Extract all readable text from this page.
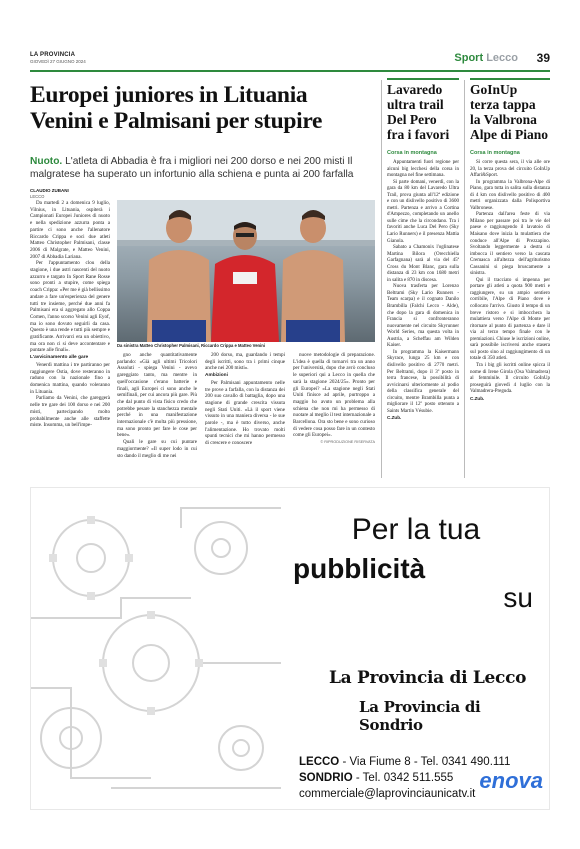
LA PROVINCIA
GIOVEDÌ 27 GIUGNO 2024	Sport Lecco 39
Europei juniores in Lituania
Venini e Palmisani per stupire
Nuoto. L'atleta di Abbadia è fra i migliori nei 200 dorso e nei 200 misti Il malgratese ha superato un infortunio alla schiena e punta ai 200 farfalla
CLAUDIO ZUBANI
LECCO

Da martedì 2 a domenica 9 luglio, Vilnius, in Lituania, ospiterà i Campionati Europei Juniores di nuoto e nella spedizione azzurra ponta a partire ci sono anche l'allenatore Riccardo Crippa e soci due atleti Matteo Christopher Palmisani, classe 2006 di Malgrate, e Matteo Venini, 2007 di Abbadia Lariana.

Per l'appuntamento clou della stagione, i due astri nascenti del nuoto azzurro e targato In Sport Rane Rosse sono pronti a stupire, come spiega coach Crippa: «Per me è già bellissimo andare a fare un'esperienza del genere tutti tre insieme, perché due anni fa Palmisani era sì aggregato allo Coppa Comen, l'anno scorso Venini agli Eyof, ma io sono dovuto seguirli da casa. Questo è una rende e tutti più sempre e gratificante. Arrivarci era un obiettivo, ma ora non ci si deve accontentare e puntare alle finali».

L'avvicinamento alle gare

Venerdì mattina i tre partiranno per raggiungere Ostia, dove resteranno in raduno con la nazionale fino a domenica mattina, quando voleranno in Lituania.

Parliamo da Venini, che gareggerà nelle tre gare dei 100 dorso e nei 200 misti, partecipando molto probabilmente anche alle staffette miste. Insomma, un bell'impe-

Da sinistra Matteo Christopher Palmisani, Riccardo Crippa e Matteo Venini

gno anche quantitativamente parlando: «Già agli ultimi Tricolori Assoluti - spiega Venini - avevo gareggiato tanto, ma mentre in quell'occasione c'erano batterie e finali, agli Europei ci sono anche le semifinali, per cui ancora più gare. Più che dal punto di vista fisico credo che potrebbe pesare la stanchezza mentale perché in una manifestazione internazionale c'è molta più pressione, ma sono pronto per fare le cose per bene».

Quali le gare su cui puntare maggiormente? «Il super lodo in cui sto dando il meglio di me nei

200 dorso, ma, guardando i tempi degli iscritti, sono tra i primi cinque anche nei 200 misti».

Ambizioni

Per Palmisani appuntamento nelle tre prove a farfalla, con la distanza dei 200 suo cavallo di battaglia, dopo una stagione di grande crescita vissuta negli Stati Uniti. «Là il sport viene vissuto in una maniera diversa - le sue parole -, ma è tutto diverso, anche l'alimentazione. Ho trovato molti spunti tecnici che mi hanno permesso di crescere e conoscere

nuove metodologie di preparazione. L'idea è quella di tornarvi tra un anno per l'università, dopo che avrò concluso le superiori qui a Lecco in quella che sarà la stagione 2024/25». Pronto per gli Europei? «La stagione negli Stati Uniti finisce ad aprile, purtroppo a maggio ho avuto un problema alla schiena che non mi ha permesso di nuotare al meglio il test internazionale a Barcellona. Ora sto bene e sono curioso di vedere cosa posso fare in un contesto come gli Europei».

© RIPRODUZIONE RISERVATA

Lavaredo
ultra trail
Del Pero
fra i favori
Corsa in montagna

Appuntamenti fuori regione per alcuni big lecchesi della corsa in montagna nel fine settimana.

Si parte domani, venerdì, con la gara da 80 km del Lavaredo Ultra Trail, prova giunta all'12ª edizione e con un dislivello positivo di 3600 metri. Partenza e arrivo a Cortina d'Ampezzo, completando un anello sulle cime che la circondano. Tra i favoriti anche Luca Del Pero (Sky Lario Runners) e il presenza Mattia Gianola.

Sabato a Chamonix l'oglinatese Martina Bilora (Orecchiella Garfagnana) sarà al via del 45ª Cross du Mont Blanc, gara sulla distanza di 23 km con 1680 metri in salita e 870 in discesa.

Nuova trasferta per Lorenzo Beltrami (Sky Lario Runners - Team scarpa) e il cognato Danilo Brambilla (Falchi Lecco - Alde), che dopo la gara di domenica in Francia si confronteranno nuovamente nel circuito Skyrunner World Series, ma questa volta in Austria, a Scheffau am Wilden Kaiser.

In programma la Kaisermann Skyrace, lunga 25 km e con dislivello positivo di 2770 metri. Per Beltrami, dopo il 3º posto in terra francese, la possibilità di avvicinarsi ulteriormente al podio della classifica generale del circuito, mentre Brambilla punta a migliorare il 12º posto ottenuto a Saints Martin Vésubie.

C.Zub.

GoInUp
terza tappa
la Valbrona
Alpe di Piano
Corsa in montagna

Si corre questa sera, il via alle ore 20, la terza prova del circuito GoInUp Affari&Sport.

In programma la Valbrona-Alpe di Piano, gara tutta in salita sulla distanza di 4 km con dislivello positivo di 400 metri organizzata dalla Polisportiva Valbronese.

Partenza dall'area feste di via Milano per passare poi tra le vie del paese e raggiungendo il lavatoio di Maisano dove inizia la mulattiera che conduce all'Alpe di Prezzapino. Svoltando leggermente a destra si imbocca il sentiero verso la cascata Cremasca all'altezza dell'agriturismo Cassanini si piega bruscamente a sinistra.

Qui il tracciato si impenna per portare gli atleti a quota 900 metri e raggiungere, su un ampio sentiero corribile, l'Alpe di Piano dove è collocato l'arrivo. Giusto il tempo di un breve ristoro e si imbocchera la mulattiera verso l'Alpe di Monte per ritornare al punto di partenza e dare il via al terzo tempo finale con le premiazioni. Chiuse le iscrizioni online, sarà possibile iscriversi anche stasera sul posto sino al raggiungimento di un totale di 350 atleti.

Tra i big gli iscritti online spicca il nome di Irene Girola (Osa Valmadrera) al femminile. Il circuito GoInUp proseguirà giovedì 4 luglio con la Valmadrera-Preguda.

C.Zub.

Per la tua
pubblicità
su
La Provincia di Lecco
La Provincia di Sondrio
LECCO - Via Fiume 8 - Tel. 0341 490.111
SONDRIO - Tel. 0342 511.555
commerciale@laprovinciaunicatv.it
enova
